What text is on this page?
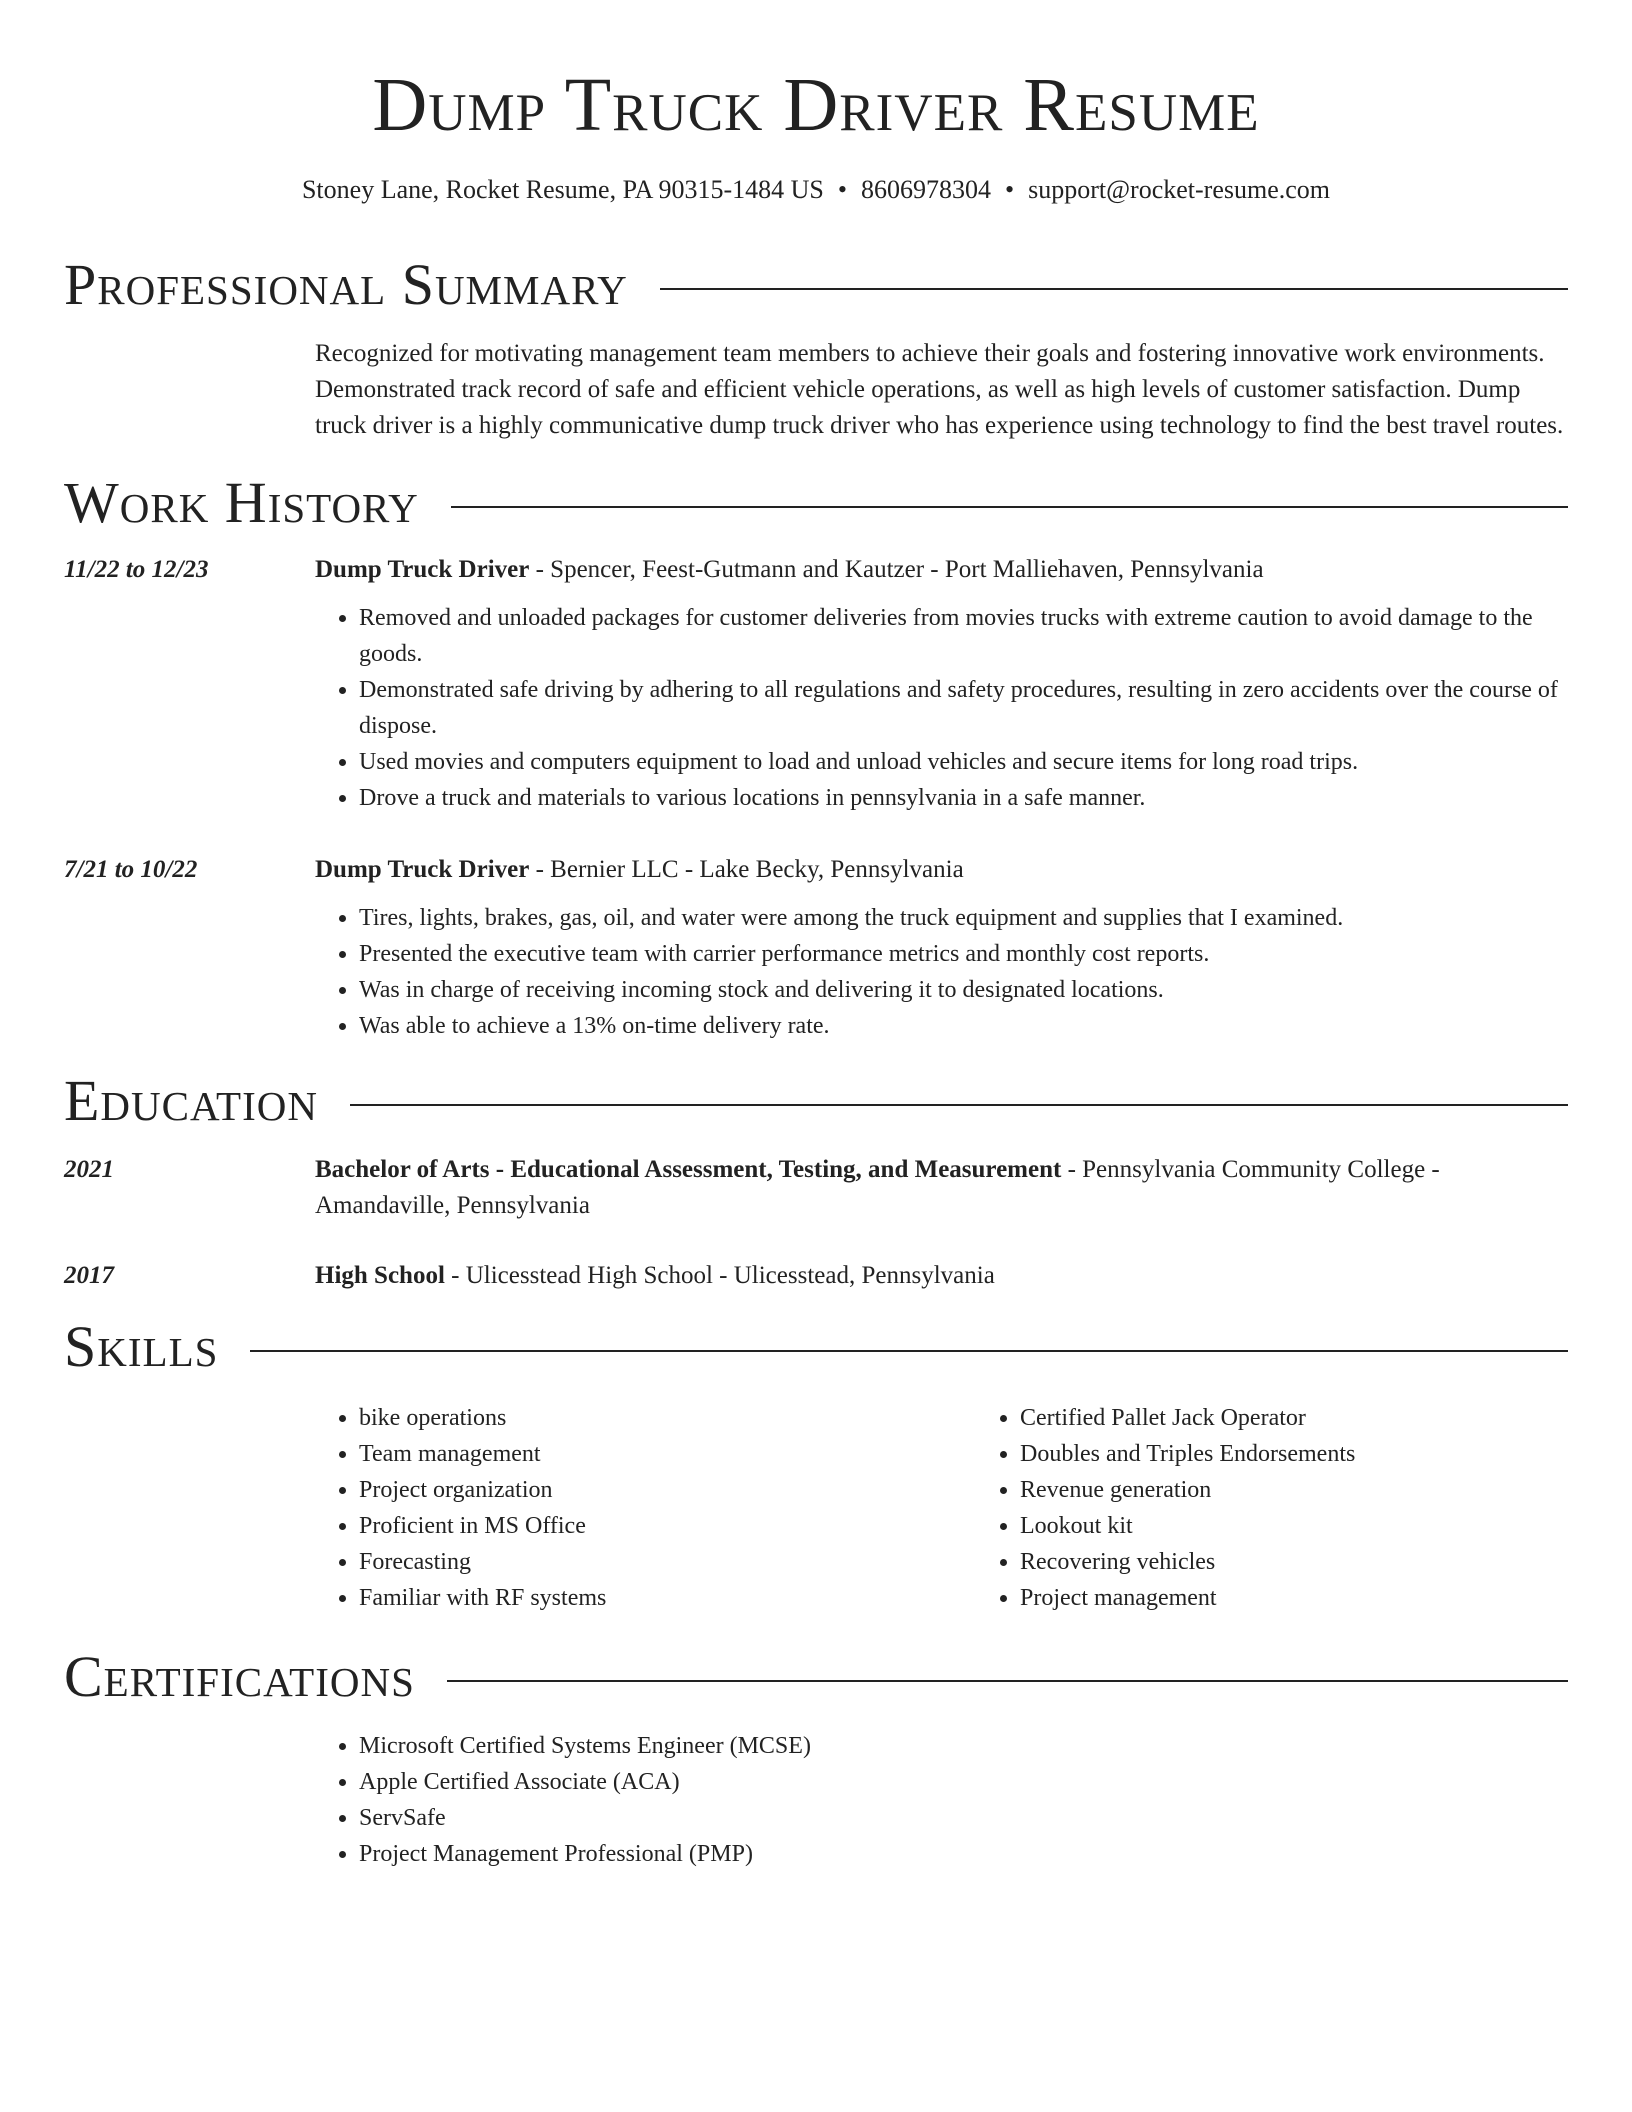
Dump Truck Driver Resume
Stoney Lane, Rocket Resume, PA 90315-1484 US • 8606978304 • support@rocket-resume.com
Professional Summary
Recognized for motivating management team members to achieve their goals and fostering innovative work environments. Demonstrated track record of safe and efficient vehicle operations, as well as high levels of customer satisfaction. Dump truck driver is a highly communicative dump truck driver who has experience using technology to find the best travel routes.
Work History
11/22 to 12/23	Dump Truck Driver - Spencer, Feest-Gutmann and Kautzer - Port Malliehaven, Pennsylvania
• Removed and unloaded packages for customer deliveries from movies trucks with extreme caution to avoid damage to the goods.
• Demonstrated safe driving by adhering to all regulations and safety procedures, resulting in zero accidents over the course of dispose.
• Used movies and computers equipment to load and unload vehicles and secure items for long road trips.
• Drove a truck and materials to various locations in pennsylvania in a safe manner.
7/21 to 10/22	Dump Truck Driver - Bernier LLC - Lake Becky, Pennsylvania
• Tires, lights, brakes, gas, oil, and water were among the truck equipment and supplies that I examined.
• Presented the executive team with carrier performance metrics and monthly cost reports.
• Was in charge of receiving incoming stock and delivering it to designated locations.
• Was able to achieve a 13% on-time delivery rate.
Education
2021	Bachelor of Arts - Educational Assessment, Testing, and Measurement - Pennsylvania Community College - Amandaville, Pennsylvania
2017	High School - Ulicesstead High School - Ulicesstead, Pennsylvania
Skills
• bike operations
• Team management
• Project organization
• Proficient in MS Office
• Forecasting
• Familiar with RF systems
• Certified Pallet Jack Operator
• Doubles and Triples Endorsements
• Revenue generation
• Lookout kit
• Recovering vehicles
• Project management
Certifications
• Microsoft Certified Systems Engineer (MCSE)
• Apple Certified Associate (ACA)
• ServSafe
• Project Management Professional (PMP)
